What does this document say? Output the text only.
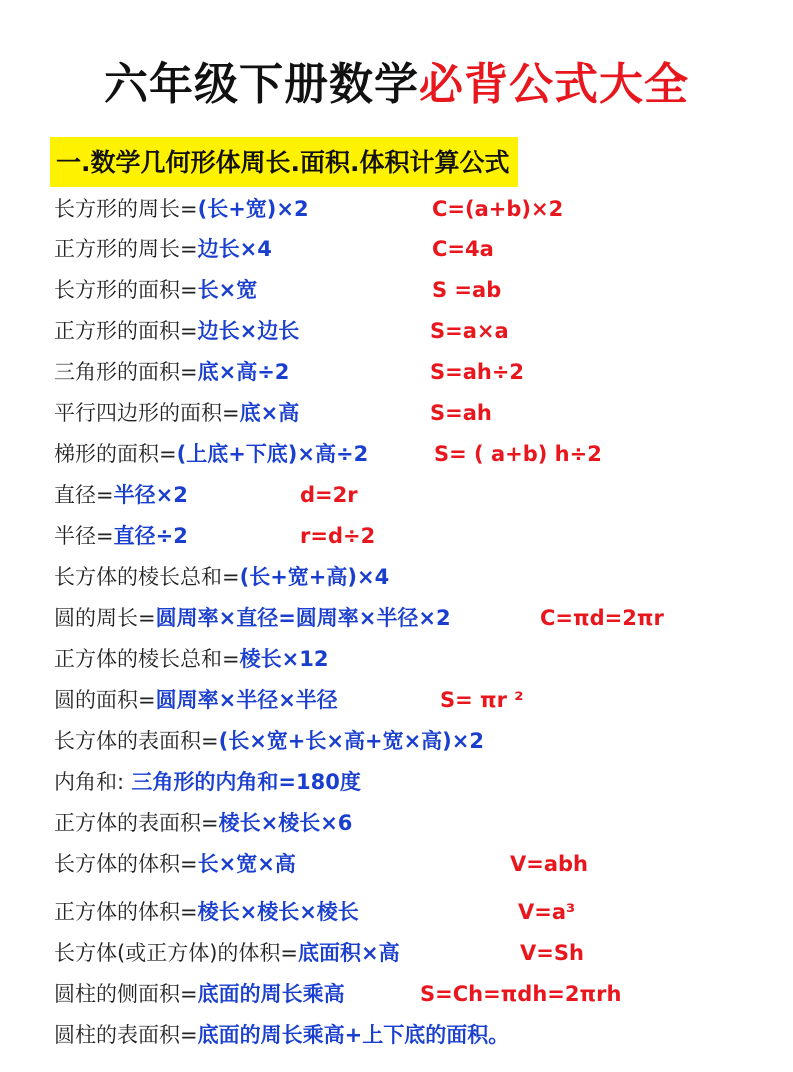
六年级下册数学必背公式大全
一.数学几何形体周长.面积.体积计算公式
长方形的周长=(长+宽)×2	C=(a+b)×2
正方形的周长=边长×4	C=4a
长方形的面积=长×宽	S =ab
正方形的面积=边长×边长	S=a×a
三角形的面积=底×高÷2	S=ah÷2
平行四边形的面积=底×高	S=ah
梯形的面积=(上底+下底)×高÷2	S= ( a+b) h÷2
直径=半径×2	d=2r
半径=直径÷2	r=d÷2
长方体的棱长总和=(长+宽+高)×4
圆的周长=圆周率×直径=圆周率×半径×2	C=πd=2πr
正方体的棱长总和=棱长×12
圆的面积=圆周率×半径×半径	S= πr ²
长方体的表面积=(长×宽+长×高+宽×高)×2
内角和: 三角形的内角和=180度
正方体的表面积=棱长×棱长×6
长方体的体积=长×宽×高	V=abh
正方体的体积=棱长×棱长×棱长	V=a³
长方体(或正方体)的体积=底面积×高	V=Sh
圆柱的侧面积=底面的周长乘高	S=Ch=πdh=2πrh
圆柱的表面积=底面的周长乘高+上下底的面积。
